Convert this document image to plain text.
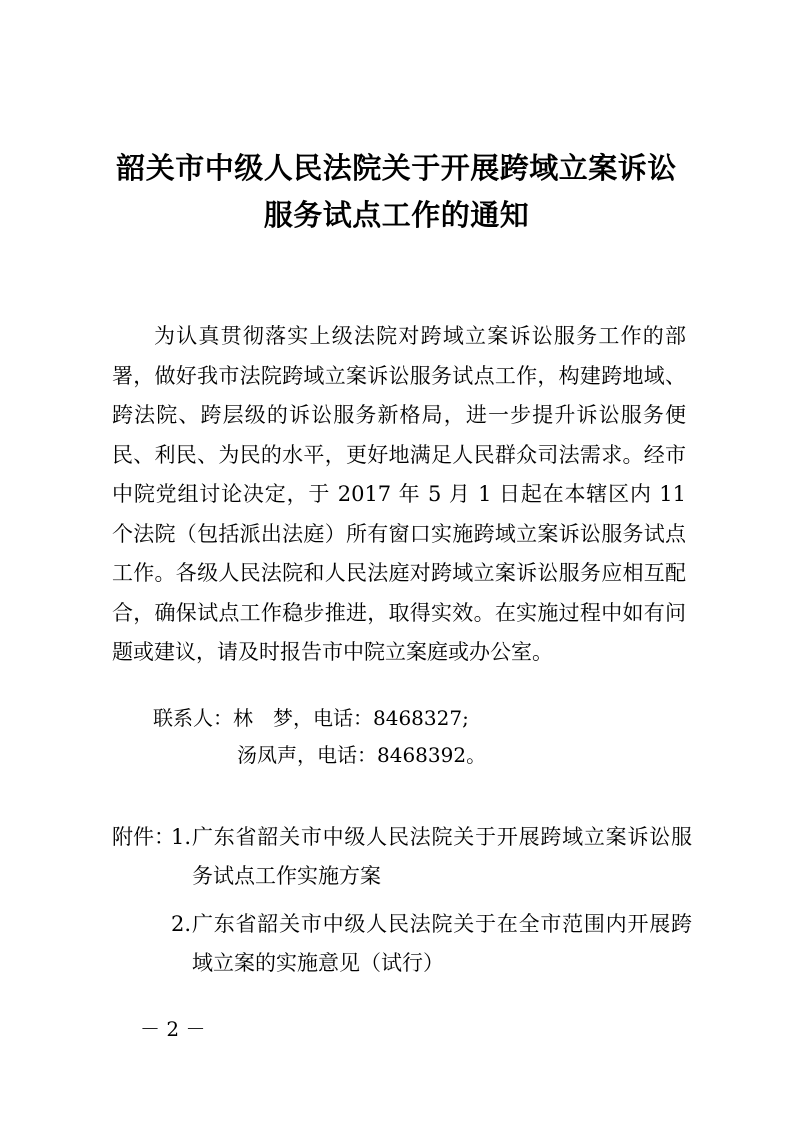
韶关市中级人民法院关于开展跨域立案诉讼
服务试点工作的通知
为认真贯彻落实上级法院对跨域立案诉讼服务工作的部署，做好我市法院跨域立案诉讼服务试点工作，构建跨地域、跨法院、跨层级的诉讼服务新格局，进一步提升诉讼服务便民、利民、为民的水平，更好地满足人民群众司法需求。经市中院党组讨论决定，于 2017 年 5 月 1 日起在本辖区内 11 个法院（包括派出法庭）所有窗口实施跨域立案诉讼服务试点工作。各级人民法院和人民法庭对跨域立案诉讼服务应相互配合，确保试点工作稳步推进，取得实效。在实施过程中如有问题或建议，请及时报告市中院立案庭或办公室。
联系人：林　梦，电话：8468327;
汤凤声，电话：8468392。
附件：
1. 广东省韶关市中级人民法院关于开展跨域立案诉讼服务试点工作实施方案
2. 广东省韶关市中级人民法院关于在全市范围内开展跨域立案的实施意见（试行）
－ 2 －
